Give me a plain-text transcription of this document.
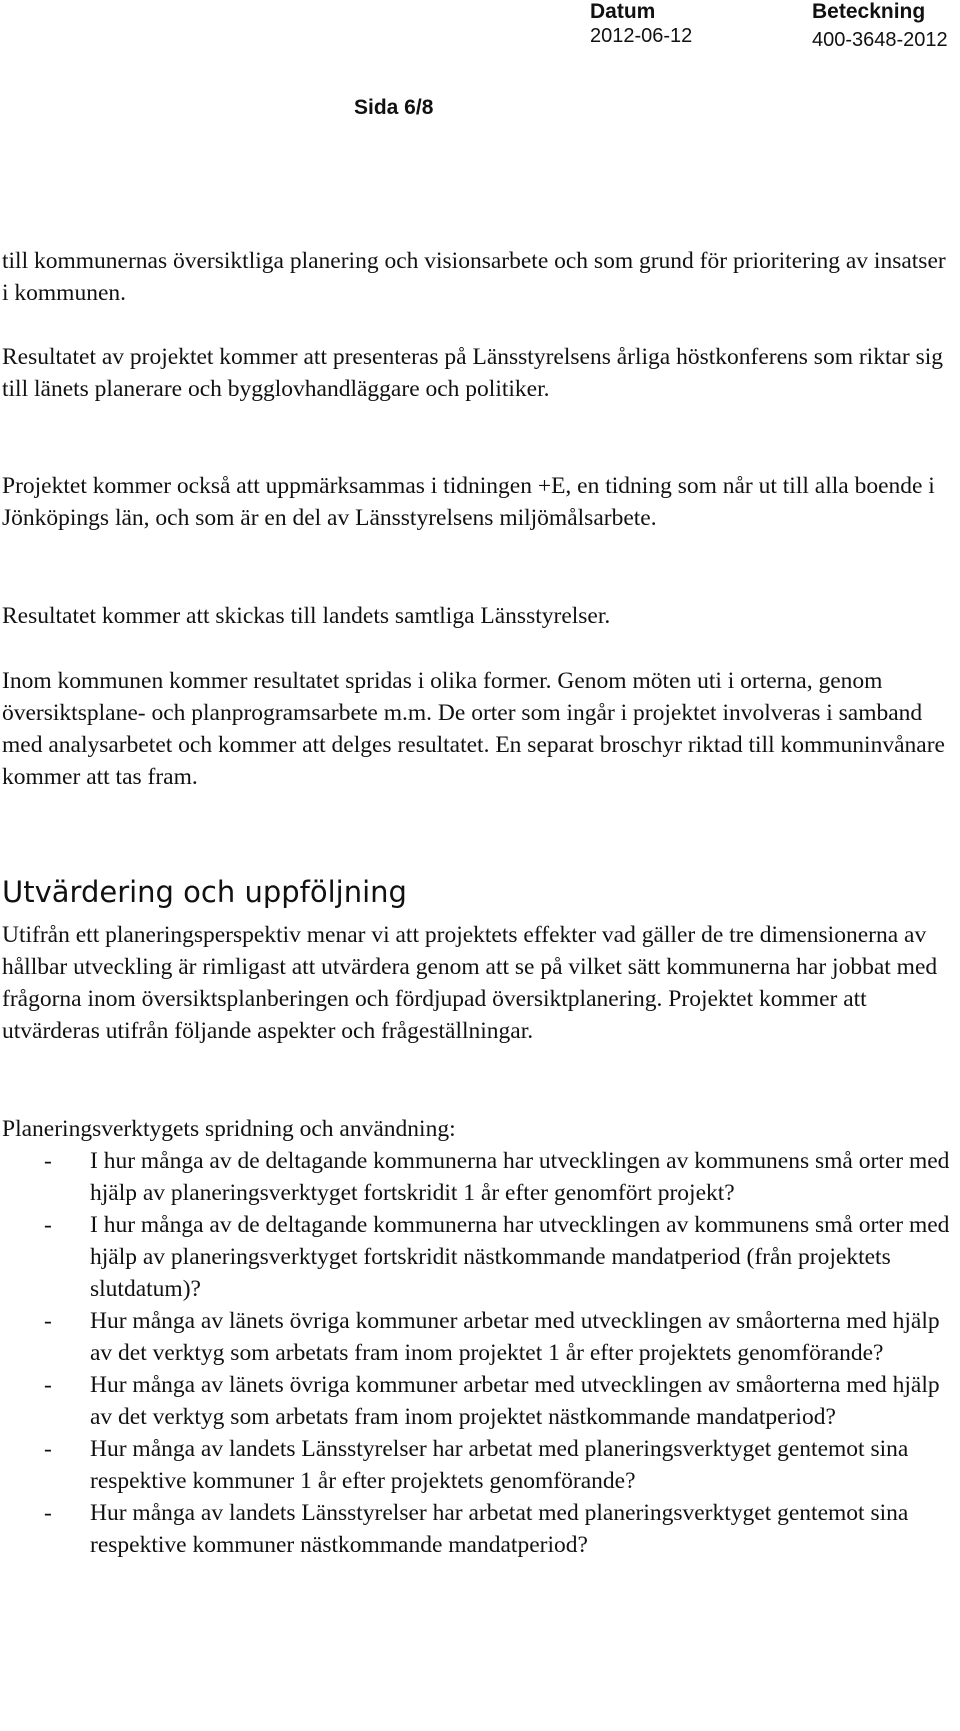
Datum
2012-06-12
Beteckning
400-3648-2012
Sida 6/8

till kommunernas översiktliga planering och visionsarbete och som grund för prioritering av insatser i kommunen.

Resultatet av projektet kommer att presenteras på Länsstyrelsens årliga höstkonferens som riktar sig till länets planerare och bygglovhandläggare och politiker.

Projektet kommer också att uppmärksammas i tidningen +E, en tidning som når ut till alla boende i Jönköpings län, och som är en del av Länsstyrelsens miljömålsarbete.

Resultatet kommer att skickas till landets samtliga Länsstyrelser.

Inom kommunen kommer resultatet spridas i olika former. Genom möten uti i orterna, genom översiktsplane- och planprogramsarbete m.m. De orter som ingår i projektet involveras i samband med analysarbetet och kommer att delges resultatet. En separat broschyr riktad till kommuninvånare kommer att tas fram.

Utvärdering och uppföljning

Utifrån ett planeringsperspektiv menar vi att projektets effekter vad gäller de tre dimensionerna av hållbar utveckling är rimligast att utvärdera genom att se på vilket sätt kommunerna har jobbat med frågorna inom översiktsplanberingen och fördjupad översiktplanering. Projektet kommer att utvärderas utifrån följande aspekter och frågeställningar.

Planeringsverktygets spridning och användning:

- I hur många av de deltagande kommunerna har utvecklingen av kommunens små orter med hjälp av planeringsverktyget fortskridit 1 år efter genomfört projekt?
- I hur många av de deltagande kommunerna har utvecklingen av kommunens små orter med hjälp av planeringsverktyget fortskridit nästkommande mandatperiod (från projektets slutdatum)?
- Hur många av länets övriga kommuner arbetar med utvecklingen av småorterna med hjälp av det verktyg som arbetats fram inom projektet 1 år efter projektets genomförande?
- Hur många av länets övriga kommuner arbetar med utvecklingen av småorterna med hjälp av det verktyg som arbetats fram inom projektet nästkommande mandatperiod?
- Hur många av landets Länsstyrelser har arbetat med planeringsverktyget gentemot sina respektive kommuner 1 år efter projektets genomförande?
- Hur många av landets Länsstyrelser har arbetat med planeringsverktyget gentemot sina respektive kommuner nästkommande mandatperiod?
